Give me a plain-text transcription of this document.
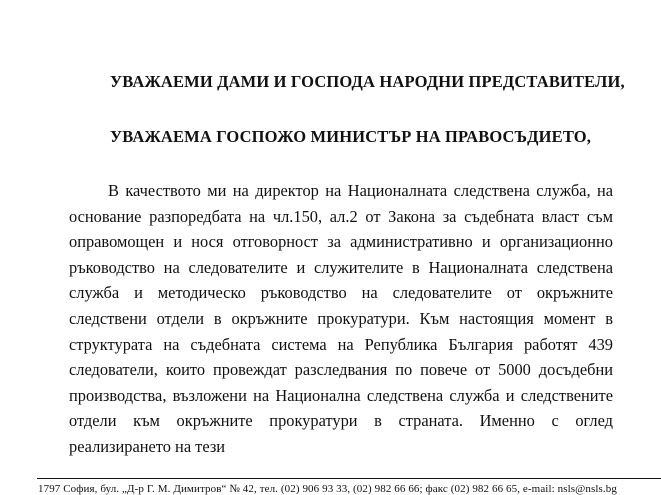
УВАЖАЕМИ ДАМИ И ГОСПОДА НАРОДНИ ПРЕДСТАВИТЕЛИ,
УВАЖАЕМА ГОСПОЖО МИНИСТЪР НА ПРАВОСЪДИЕТО,

В качеството ми на директор на Националната следствена служба, на основание разпоредбата на чл.150, ал.2 от Закона за съдебната власт съм оправомощен и нося отговорност за административно и организационно ръководство на следователите и служителите в Националната следствена служба и методическо ръководство на следователите от окръжните следствени отдели в окръжните прокуратури. Към настоящия момент в структурата на съдебната система на Република България работят 439 следователи, които провеждат разследвания по повече от 5000 досъдебни производства, възложени на Национална следствена служба и следствените отдели към окръжните прокуратури в страната. Именно с оглед реализирането на тези

1797 София, бул. „Д-р Г. М. Димитров“ № 42, тел. (02) 906 93 33, (02) 982 66 66; факс (02) 982 66 65, e-mail: nsls@nsls.bg
